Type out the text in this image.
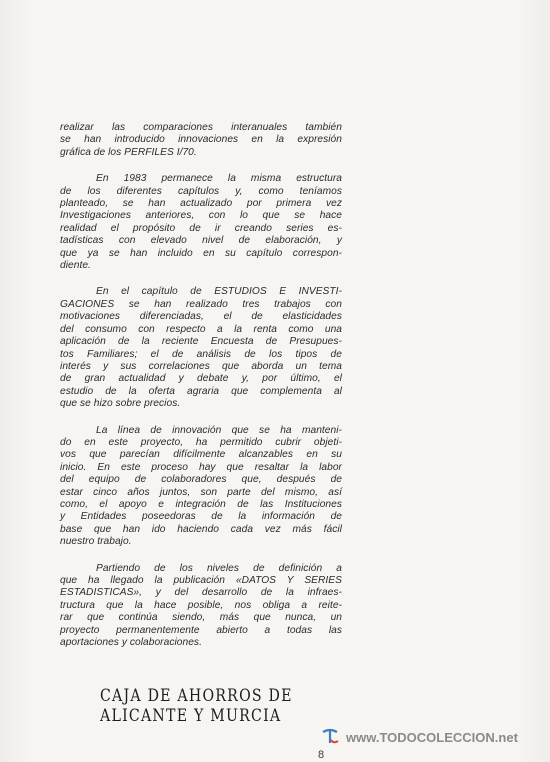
realizar las comparaciones interanuales también
se han introducido innovaciones en la expresión
gráfica de los PERFILES I/70.
En 1983 permanece la misma estructura
de los diferentes capítulos y, como teníamos
planteado, se han actualizado por primera vez
Investigaciones anteriores, con lo que se hace
realidad el propósito de ir creando series es-
tadísticas con elevado nivel de elaboración, y
que ya se han incluido en su capítulo correspon-
diente.
En el capítulo de ESTUDIOS E INVESTI-
GACIONES se han realizado tres trabajos con
motivaciones diferenciadas, el de elasticidades
del consumo con respecto a la renta como una
aplicación de la reciente Encuesta de Presupues-
tos Familiares; el de análisis de los tipos de
interés y sus correlaciones que aborda un tema
de gran actualidad y debate y, por último, el
estudio de la oferta agraria que complementa al
que se hizo sobre precios.
La línea de innovación que se ha manteni-
do en este proyecto, ha permitido cubrir objeti-
vos que parecían difícilmente alcanzables en su
inicio. En este proceso hay que resaltar la labor
del equipo de colaboradores que, después de
estar cinco años juntos, son parte del mismo, así
como, el apoyo e integración de las Instituciones
y Entidades poseedoras de la información de
base que han ido haciendo cada vez más fácil
nuestro trabajo.
Partiendo de los niveles de definición a
que ha llegado la publicación «DATOS Y SERIES
ESTADISTICAS», y del desarrollo de la infraes-
tructura que la hace posible, nos obliga a reite-
rar que continúa siendo, más que nunca, un
proyecto permanentemente abierto a todas las
aportaciones y colaboraciones.
CAJA DE AHORROS DE
ALICANTE Y MURCIA
www.TODOCOLECCION.net
8
